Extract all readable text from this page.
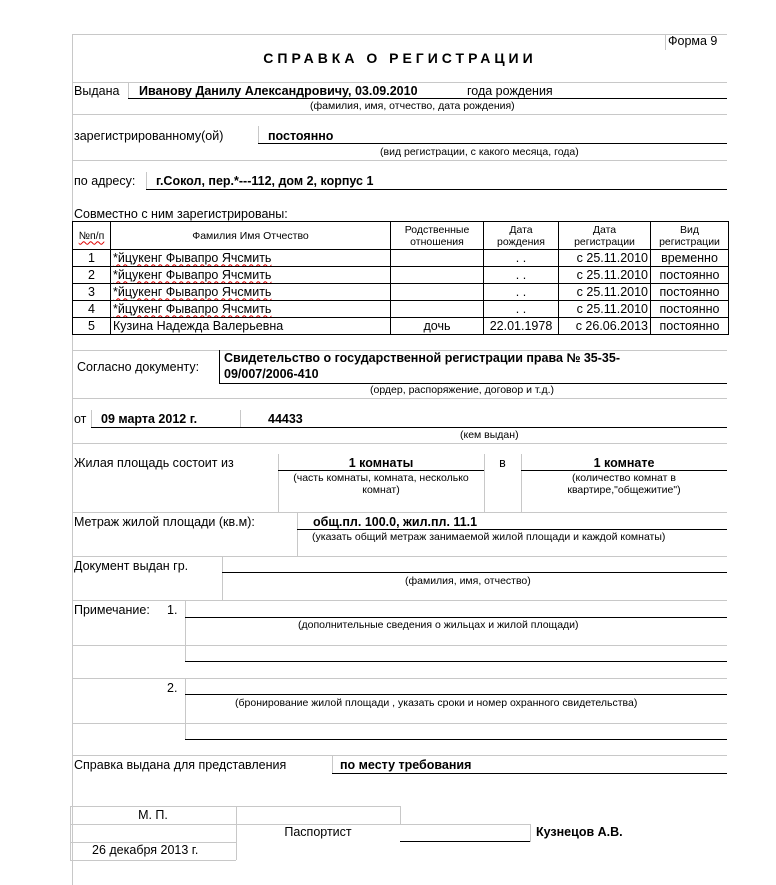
Форма 9
СПРАВКА О РЕГИСТРАЦИИ
Выдана Иванову Данилу Александровичу, 03.09.2010	года рождения
(фамилия, имя, отчество, дата рождения)
зарегистрированному(ой)	постоянно
(вид регистрации, с какого месяца, года)
по адресу: г.Сокол, пер.*---112, дом 2, корпус 1
Совместно с ним зарегистрированы:
№п/п	Фамилия Имя Отчество	Родственные отношения	Дата рождения	Дата регистрации	Вид регистрации
1	*йцукенг Фывапро Ячсмить		. .	с 25.11.2010	временно
2	*йцукенг Фывапро Ячсмить		. .	с 25.11.2010	постоянно
3	*йцукенг Фывапро Ячсмить		. .	с 25.11.2010	постоянно
4	*йцукенг Фывапро Ячсмить		. .	с 25.11.2010	постоянно
5	Кузина Надежда Валерьевна	дочь	22.01.1978	с 26.06.2013	постоянно
Согласно документу:
Свидетельство о государственной регистрации права № 35-35-
09/007/2006-410
(ордер, распоряжение, договор и т.д.)
от 09 марта 2012 г.	44433
(кем выдан)
Жилая площадь состоит из	1 комнаты	в	1 комнате
(часть комнаты, комната, несколько комнат)
(количество комнат в квартире,"общежитие")
Метраж жилой площади (кв.м):	общ.пл. 100.0, жил.пл. 11.1
(указать общий метраж занимаемой жилой площади и каждой комнаты)
Документ выдан гр.
(фамилия, имя, отчество)
Примечание: 1.
(дополнительные сведения о жильцах и жилой площади)
2.
(бронирование жилой площади , указать сроки и номер охранного свидетельства)
Справка выдана для представления	по месту требования
М. П.
Паспортист	Кузнецов А.В.
26 декабря 2013 г.
